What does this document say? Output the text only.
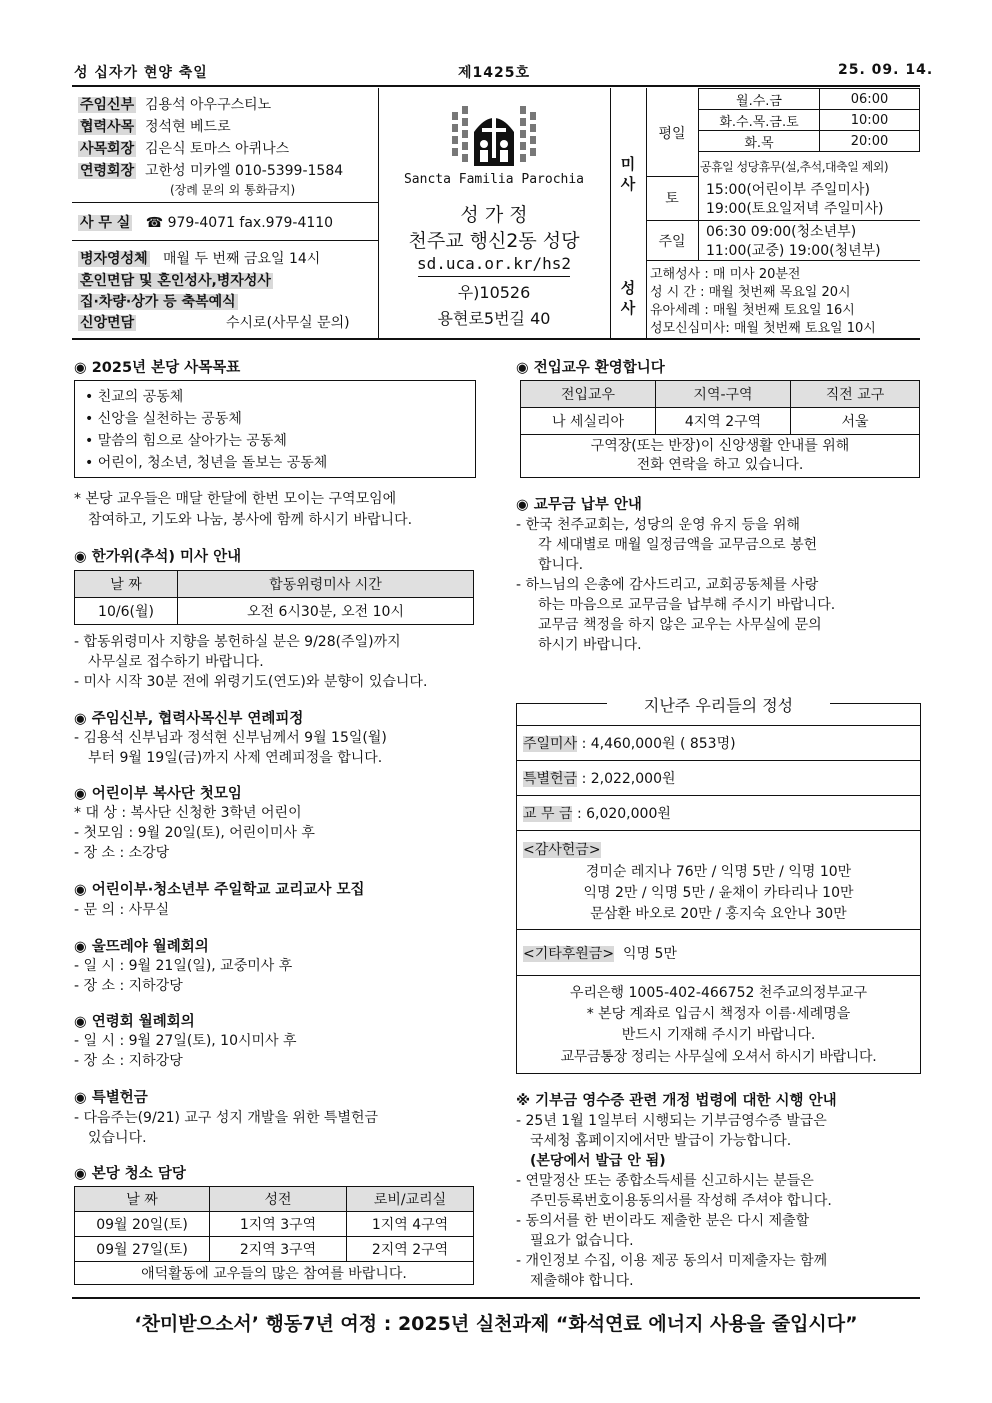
성 십자가 현양 축일	제1425호	25. 09. 14.
주임신부 김용석 아우구스티노
협력사목 정석현 베드로
사목회장 김은식 토마스 아퀴나스
연령회장 고한성 미카엘 010-5399-1584
(장례 문의 외 통화금지)
사 무 실 ☎ 979-4071 fax.979-4110
병자영성체 매월 두 번째 금요일 14시
혼인면담 및 혼인성사,병자성사
집·차량·상가 등 축복예식
신앙면담	수시로(사무실 문의)
Sancta Familia Parochia
성 가 정
천주교 행신2동 성당
sd.uca.or.kr/hs2
우)10526
용현로5번길 40
미사
평일
월.수.금	06:00
화.수.목.금.토	10:00
화.목	20:00
공휴일 성당휴무(설,추석,대축일 제외)
토
15:00(어린이부 주일미사)
19:00(토요일저녁 주일미사)
주일
06:30 09:00(청소년부)
11:00(교중) 19:00(청년부)
성사
고해성사 : 매 미사 20분전
성 시 간 : 매월 첫번째 목요일 20시
유아세례 : 매월 첫번째 토요일 16시
성모신심미사: 매월 첫번째 토요일 10시
◉ 2025년 본당 사목목표
• 친교의 공동체
• 신앙을 실천하는 공동체
• 말씀의 힘으로 살아가는 공동체
• 어린이, 청소년, 청년을 돌보는 공동체
* 본당 교우들은 매달 한달에 한번 모이는 구역모임에
참여하고, 기도와 나눔, 봉사에 함께 하시기 바랍니다.
◉ 한가위(추석) 미사 안내
날 짜	합동위령미사 시간
10/6(월)	오전 6시30분, 오전 10시
- 합동위령미사 지향을 봉헌하실 분은 9/28(주일)까지
사무실로 접수하기 바랍니다.
- 미사 시작 30분 전에 위령기도(연도)와 분향이 있습니다.
◉ 주임신부, 협력사목신부 연례피정
- 김용석 신부님과 정석현 신부님께서 9월 15일(월)
부터 9월 19일(금)까지 사제 연례피정을 합니다.
◉ 어린이부 복사단 첫모임
* 대 상 : 복사단 신청한 3학년 어린이
- 첫모임 : 9월 20일(토), 어린이미사 후
- 장 소 : 소강당
◉ 어린이부·청소년부 주일학교 교리교사 모집
- 문 의 : 사무실
◉ 울뜨레야 월례회의
- 일 시 : 9월 21일(일), 교중미사 후
- 장 소 : 지하강당
◉ 연령회 월례회의
- 일 시 : 9월 27일(토), 10시미사 후
- 장 소 : 지하강당
◉ 특별헌금
- 다음주는(9/21) 교구 성지 개발을 위한 특별헌금
있습니다.
◉ 본당 청소 담당
날 짜	성전	로비/교리실
09월 20일(토)	1지역 3구역	1지역 4구역
09월 27일(토)	2지역 3구역	2지역 2구역
애덕활동에 교우들의 많은 참여를 바랍니다.		
◉ 전입교우 환영합니다
전입교우	지역-구역	직전 교구
나 세실리아	4지역 2구역	서울
구역장(또는 반장)이 신앙생활 안내를 위해
전화 연락을 하고 있습니다.		
◉ 교무금 납부 안내
- 한국 천주교회는, 성당의 운영 유지 등을 위해
각 세대별로 매월 일정금액을 교무금으로 봉헌
합니다.
- 하느님의 은총에 감사드리고, 교회공동체를 사랑
하는 마음으로 교무금을 납부해 주시기 바랍니다.
교무금 책정을 하지 않은 교우는 사무실에 문의
하시기 바랍니다.
지난주 우리들의 정성
주일미사 : 4,460,000원 ( 853명)
특별헌금 : 2,022,000원
교 무 금 : 6,020,000원
<감사헌금>
경미순 레지나 76만 / 익명 5만 / 익명 10만
익명 2만 / 익명 5만 / 윤채이 카타리나 10만
문삼환 바오로 20만 / 홍지숙 요안나 30만
<기타후원금> 익명 5만
우리은행 1005-402-466752 천주교의정부교구
* 본당 계좌로 입금시 책정자 이름·세례명을
반드시 기재해 주시기 바랍니다.
교무금통장 정리는 사무실에 오셔서 하시기 바랍니다.
※ 기부금 영수증 관련 개정 법령에 대한 시행 안내
- 25년 1월 1일부터 시행되는 기부금영수증 발급은
국세청 홈페이지에서만 발급이 가능합니다.
(본당에서 발급 안 됨)
- 연말정산 또는 종합소득세를 신고하시는 분들은
주민등록번호이용동의서를 작성해 주셔야 합니다.
- 동의서를 한 번이라도 제출한 분은 다시 제출할
필요가 없습니다.
- 개인정보 수집, 이용 제공 동의서 미제출자는 함께
제출해야 합니다.
‘찬미받으소서’ 행동7년 여정 : 2025년 실천과제 “화석연료 에너지 사용을 줄입시다”
